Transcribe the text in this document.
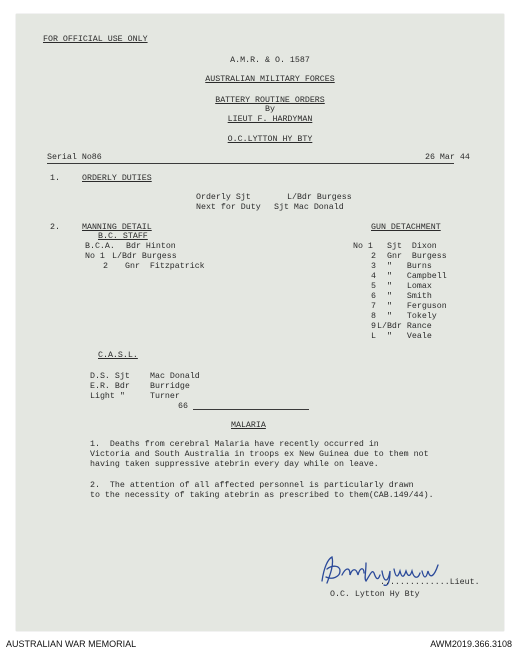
FOR OFFICIAL USE ONLY
A.M.R. & O. 1587
AUSTRALIAN MILITARY FORCES
BATTERY ROUTINE ORDERS
By
LIEUT F. HARDYMAN
O.C.LYTTON HY BTY
Serial No86	26 Mar 44
1.	ORDERLY DUTIES
Orderly Sjt	L/Bdr Burgess
Next for Duty Sjt Mac Donald
2.	MANNING DETAIL
B.C. STAFF
B.C.A. Bdr Hinton
No 1 L/Bdr Burgess
2 Gnr  Fitzpatrick
GUN DETACHMENT
No 1 Sjt  Dixon
2 Gnr  Burgess
3 "   Burns
4 "   Campbell
5 "   Lomax
6 "   Smith
7 "   Ferguson
8 "   Tokely
9 L/Bdr Rance
L "   Veale
C.A.S.L.
D.S. Sjt Mac Donald
E.R. Bdr Burridge
Light "	Turner
66
MALARIA
1.  Deaths from cerebral Malaria have recently occurred in
Victoria and South Australia in troops ex New Guinea due to them not
having taken suppressive atebrin every day while on leave.
2.  The attention of all affected personnel is particularly drawn
to the necessity of taking atebrin as prescribed to them(CAB.149/44).
..............Lieut.
O.C. Lytton Hy Bty
AUSTRALIAN WAR MEMORIAL	AWM2019.366.3108
